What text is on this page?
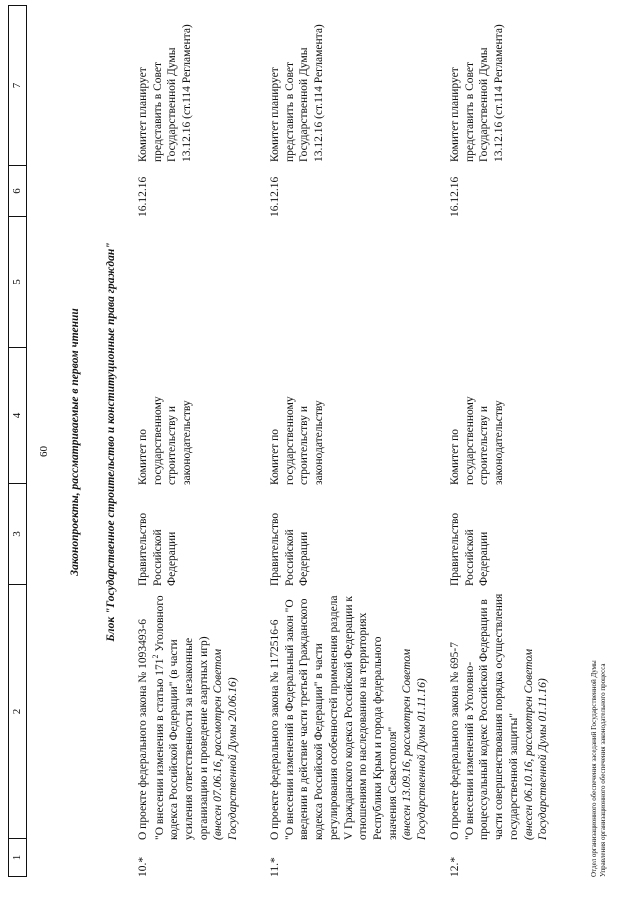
60
1
2
3
4
5
6
7
Законопроекты, рассматриваемые в первом чтении Блок "Государственное строительство и конституционные права граждан"
10.*
О проекте федерального закона № 1093493-6 "О внесении изменения в статью $171^2$ Уголовного кодекса Российской Федерации" (в части усиления ответственности за незаконные организацию и проведение азартных игр) (внесен 07.06.16, рассмотрен Советом Государственной Думы 20.06.16)
Правительство Российской Федерации
Комитет по государственному строительству и законодательству
16.12.16
Комитет планирует представить в Совет Государственной Думы 13.12.16 (ст.114 Регламента)
11.*
О проекте федерального закона № 1172516-6 "О внесении изменений в Федеральный закон "О введении в действие части третьей Гражданского кодекса Российской Федерации" в части регулирования особенностей применения раздела V Гражданского кодекса Российской Федерации к отношениям по наследованию на территориях Республики Крым и города федерального значения Севастополя" (внесен 13.09.16, рассмотрен Советом Государственной Думы 01.11.16)
Правительство Российской Федерации
Комитет по государственному строительству и законодательству
16.12.16
Комитет планирует представить в Совет Государственной Думы 13.12.16 (ст.114 Регламента)
12.*
О проекте федерального закона № 695-7 "О внесении изменений в Уголовно-процессуальный кодекс Российской Федерации в части совершенствования порядка осуществления государственной защиты" (внесен 06.10.16, рассмотрен Советом Государственной Думы 01.11.16)
Правительство Российской Федерации
Комитет по государственному строительству и законодательству
16.12.16
Комитет планирует представить в Совет Государственной Думы 13.12.16 (ст.114 Регламента)
Отдел организационного обеспечения заседаний Государственной Думы Управления организационного обеспечения законодательного процесса
